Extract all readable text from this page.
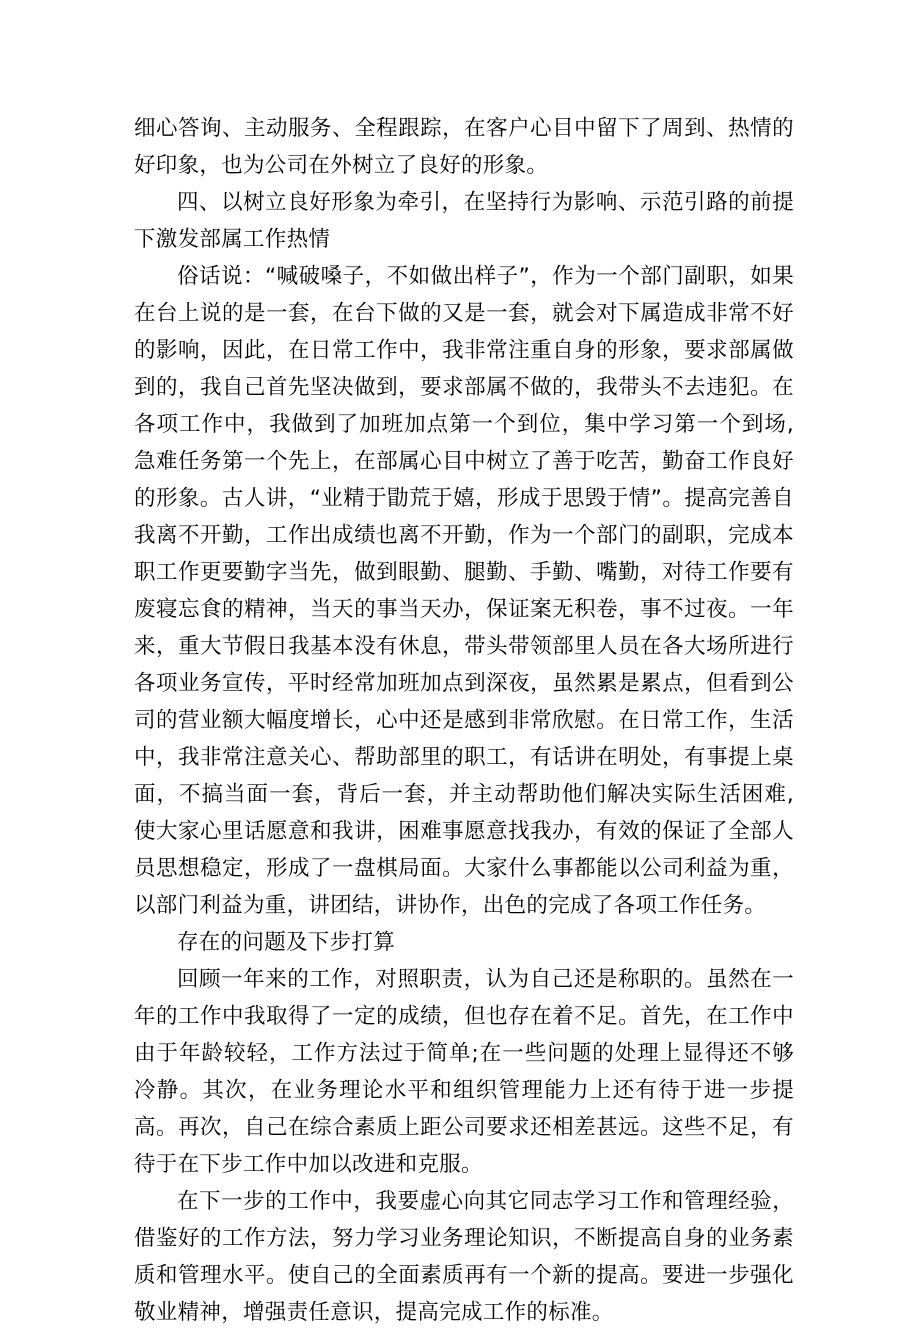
细心答询、主动服务、全程跟踪，在客户心目中留下了周到、热情的好印象，也为公司在外树立了良好的形象。

四、以树立良好形象为牵引，在坚持行为影响、示范引路的前提下激发部属工作热情

俗话说：“喊破嗓子，不如做出样子”，作为一个部门副职，如果在台上说的是一套，在台下做的又是一套，就会对下属造成非常不好的影响，因此，在日常工作中，我非常注重自身的形象，要求部属做到的，我自己首先坚决做到，要求部属不做的，我带头不去违犯。在各项工作中，我做到了加班加点第一个到位，集中学习第一个到场,急难任务第一个先上，在部属心目中树立了善于吃苦，勤奋工作良好的形象。古人讲，“业精于勖荒于嬉，形成于思毁于情”。提高完善自我离不开勤，工作出成绩也离不开勤，作为一个部门的副职，完成本职工作更要勤字当先，做到眼勤、腿勤、手勤、嘴勤，对待工作要有废寝忘食的精神，当天的事当天办，保证案无积卷，事不过夜。一年来，重大节假日我基本没有休息，带头带领部里人员在各大场所进行各项业务宣传，平时经常加班加点到深夜，虽然累是累点，但看到公司的营业额大幅度增长，心中还是感到非常欣慰。在日常工作，生活中，我非常注意关心、帮助部里的职工，有话讲在明处，有事提上桌面，不搞当面一套，背后一套，并主动帮助他们解决实际生活困难,使大家心里话愿意和我讲，困难事愿意找我办，有效的保证了全部人员思想稳定，形成了一盘棋局面。大家什么事都能以公司利益为重，以部门利益为重，讲团结，讲协作，出色的完成了各项工作任务。

存在的问题及下步打算

回顾一年来的工作，对照职责，认为自己还是称职的。虽然在一年的工作中我取得了一定的成绩，但也存在着不足。首先，在工作中由于年龄较轻，工作方法过于简单;在一些问题的处理上显得还不够冷静。其次，在业务理论水平和组织管理能力上还有待于进一步提高。再次，自己在综合素质上距公司要求还相差甚远。这些不足，有待于在下步工作中加以改进和克服。

在下一步的工作中，我要虚心向其它同志学习工作和管理经验，借鉴好的工作方法，努力学习业务理论知识，不断提高自身的业务素质和管理水平。使自己的全面素质再有一个新的提高。要进一步强化敬业精神，增强责任意识，提高完成工作的标准。
